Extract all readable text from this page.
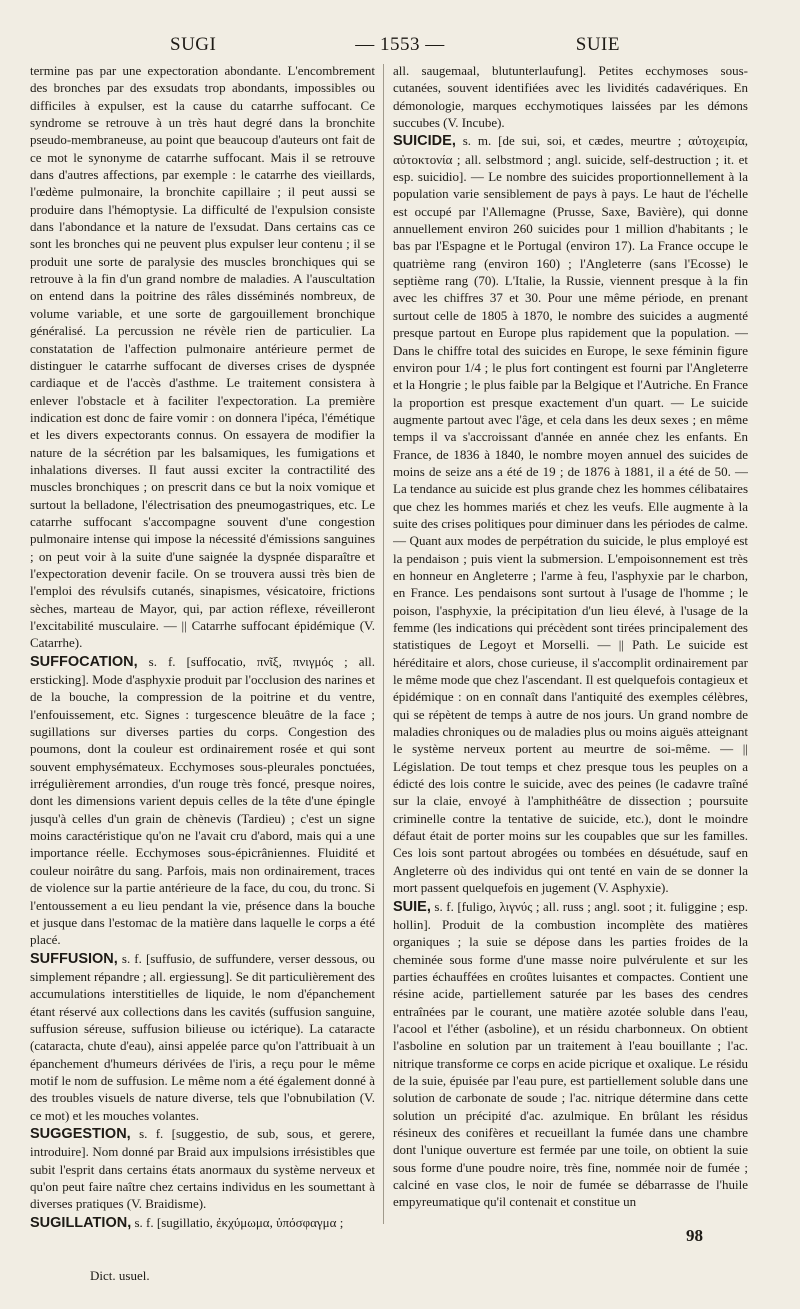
— 1553 —
SUGI	SUIE

termine pas par une expectoration abondante. L'encombrement des bronches par des exsudats trop abondants, impossibles ou difficiles à expulser, est la cause du catarrhe suffocant. Ce syndrome se retrouve à un très haut degré dans la bronchite pseudo-membraneuse, au point que beaucoup d'auteurs ont fait de ce mot le synonyme de catarrhe suffocant. Mais il se retrouve dans d'autres affections, par exemple : le catarrhe des vieillards, l'œdème pulmonaire, la bronchite capillaire ; il peut aussi se produire dans l'hémoptysie. La difficulté de l'expulsion consiste dans l'abondance et la nature de l'exsudat. Dans certains cas ce sont les bronches qui ne peuvent plus expulser leur contenu ; il se produit une sorte de paralysie des muscles bronchiques qui se retrouve à la fin d'un grand nombre de maladies. A l'auscultation on entend dans la poitrine des râles disséminés nombreux, de volume variable, et une sorte de gargouillement bronchique généralisé. La percussion ne révèle rien de particulier. La constatation de l'affection pulmonaire antérieure permet de distinguer le catarrhe suffocant de diverses crises de dyspnée cardiaque et de l'accès d'asthme. Le traitement consistera à enlever l'obstacle et à faciliter l'expectoration. La première indication est donc de faire vomir : on donnera l'ipéca, l'émétique et les divers expectorants connus. On essayera de modifier la nature de la sécrétion par les balsamiques, les fumigations et inhalations diverses. Il faut aussi exciter la contractilité des muscles bronchiques ; on prescrit dans ce but la noix vomique et surtout la belladone, l'électrisation des pneumogastriques, etc. Le catarrhe suffocant s'accompagne souvent d'une congestion pulmonaire intense qui impose la nécessité d'émissions sanguines ; on peut voir à la suite d'une saignée la dyspnée disparaître et l'expectoration devenir facile. On se trouvera aussi très bien de l'emploi des révulsifs cutanés, sinapismes, vésicatoire, frictions sèches, marteau de Mayor, qui, par action réflexe, réveilleront l'excitabilité musculaire. — || Catarrhe suffocant épidémique (V. Catarrhe).

SUFFOCATION, s. f. [suffocatio, πνῖξ, πνιγμός ; all. ersticking]. Mode d'asphyxie produit par l'occlusion des narines et de la bouche, la compression de la poitrine et du ventre, l'enfouissement, etc. Signes : turgescence bleuâtre de la face ; sugillations sur diverses parties du corps. Congestion des poumons, dont la couleur est ordinairement rosée et qui sont souvent emphysémateux. Ecchymoses sous-pleurales ponctuées, irrégulièrement arrondies, d'un rouge très foncé, presque noires, dont les dimensions varient depuis celles de la tête d'une épingle jusqu'à celles d'un grain de chènevis (Tardieu) ; c'est un signe moins caractéristique qu'on ne l'avait cru d'abord, mais qui a une importance réelle. Ecchymoses sous-épicrâniennes. Fluidité et couleur noirâtre du sang. Parfois, mais non ordinairement, traces de violence sur la partie antérieure de la face, du cou, du tronc. Si l'entoussement a eu lieu pendant la vie, présence dans la bouche et jusque dans l'estomac de la matière dans laquelle le corps a été placé.

SUFFUSION, s. f. [suffusio, de suffundere, verser dessous, ou simplement répandre ; all. ergiessung]. Se dit particulièrement des accumulations interstitielles de liquide, le nom d'épanchement étant réservé aux collections dans les cavités (suffusion sanguine, suffusion séreuse, suffusion bilieuse ou ictérique). La cataracte (cataracta, chute d'eau), ainsi appelée parce qu'on l'attribuait à un épanchement d'humeurs dérivées de l'iris, a reçu pour le même motif le nom de suffusion. Le même nom a été également donné à des troubles visuels de nature diverse, tels que l'obnubilation (V. ce mot) et les mouches volantes.

SUGGESTION, s. f. [suggestio, de sub, sous, et gerere, introduire]. Nom donné par Braid aux impulsions irrésistibles que subit l'esprit dans certains états anormaux du système nerveux et qu'on peut faire naître chez certains individus en les soumettant à diverses pratiques (V. Braidisme).

SUGILLATION, s. f. [sugillatio, ἐκχύμωμα, ὑπόσφαγμα ;

all. saugemaal, blutunterlaufung]. Petites ecchymoses sous-cutanées, souvent identifiées avec les lividités cadavériques. En démonologie, marques ecchymotiques laissées par les démons succubes (V. Incube).

SUICIDE, s. m. [de sui, soi, et cædes, meurtre ; αὐτοχειρία, αὐτοκτονία ; all. selbstmord ; angl. suicide, self-destruction ; it. et esp. suicidio]. — Le nombre des suicides proportionnellement à la population varie sensiblement de pays à pays. Le haut de l'échelle est occupé par l'Allemagne (Prusse, Saxe, Bavière), qui donne annuellement environ 260 suicides pour 1 million d'habitants ; le bas par l'Espagne et le Portugal (environ 17). La France occupe le quatrième rang (environ 160) ; l'Angleterre (sans l'Ecosse) le septième rang (70). L'Italie, la Russie, viennent presque à la fin avec les chiffres 37 et 30. Pour une même période, en prenant surtout celle de 1805 à 1870, le nombre des suicides a augmenté presque partout en Europe plus rapidement que la population. — Dans le chiffre total des suicides en Europe, le sexe féminin figure environ pour 1/4 ; le plus fort contingent est fourni par l'Angleterre et la Hongrie ; le plus faible par la Belgique et l'Autriche. En France la proportion est presque exactement d'un quart. — Le suicide augmente partout avec l'âge, et cela dans les deux sexes ; en même temps il va s'accroissant d'année en année chez les enfants. En France, de 1836 à 1840, le nombre moyen annuel des suicides de moins de seize ans a été de 19 ; de 1876 à 1881, il a été de 50. — La tendance au suicide est plus grande chez les hommes célibataires que chez les hommes mariés et chez les veufs. Elle augmente à la suite des crises politiques pour diminuer dans les périodes de calme. — Quant aux modes de perpétration du suicide, le plus employé est la pendaison ; puis vient la submersion. L'empoisonnement est très en honneur en Angleterre ; l'arme à feu, l'asphyxie par le charbon, en France. Les pendaisons sont surtout à l'usage de l'homme ; le poison, l'asphyxie, la précipitation d'un lieu élevé, à l'usage de la femme (les indications qui précèdent sont tirées principalement des statistiques de Legoyt et Morselli. — || Path. Le suicide est héréditaire et alors, chose curieuse, il s'accomplit ordinairement par le même mode que chez l'ascendant. Il est quelquefois contagieux et épidémique : on en connaît dans l'antiquité des exemples célèbres, qui se répètent de temps à autre de nos jours. Un grand nombre de maladies chroniques ou de maladies plus ou moins aiguës atteignant le système nerveux portent au meurtre de soi-même. — || Législation. De tout temps et chez presque tous les peuples on a édicté des lois contre le suicide, avec des peines (le cadavre traîné sur la claie, envoyé à l'amphithéâtre de dissection ; poursuite criminelle contre la tentative de suicide, etc.), dont le moindre défaut était de porter moins sur les coupables que sur les familles. Ces lois sont partout abrogées ou tombées en désuétude, sauf en Angleterre où des individus qui ont tenté en vain de se donner la mort passent quelquefois en jugement (V. Asphyxie).

SUIE, s. f. [fuligo, λιγνύς ; all. russ ; angl. soot ; it. fuliggine ; esp. hollin]. Produit de la combustion incomplète des matières organiques ; la suie se dépose dans les parties froides de la cheminée sous forme d'une masse noire pulvérulente et sur les parties échauffées en croûtes luisantes et compactes. Contient une résine acide, partiellement saturée par les bases des cendres entraînées par le courant, une matière azotée soluble dans l'eau, l'acool et l'éther (asboline), et un résidu charbonneux. On obtient l'asboline en solution par un traitement à l'eau bouillante ; l'ac. nitrique transforme ce corps en acide picrique et oxalique. Le résidu de la suie, épuisée par l'eau pure, est partiellement soluble dans une solution de carbonate de soude ; l'ac. nitrique détermine dans cette solution un précipité d'ac. azulmique. En brûlant les résidus résineux des conifères et recueillant la fumée dans une chambre dont l'unique ouverture est fermée par une toile, on obtient la suie sous forme d'une poudre noire, très fine, nommée noir de fumée ; calciné en vase clos, le noir de fumée se débarrasse de l'huile empyreumatique qu'il contenait et constitue un

98
Dict. usuel.
